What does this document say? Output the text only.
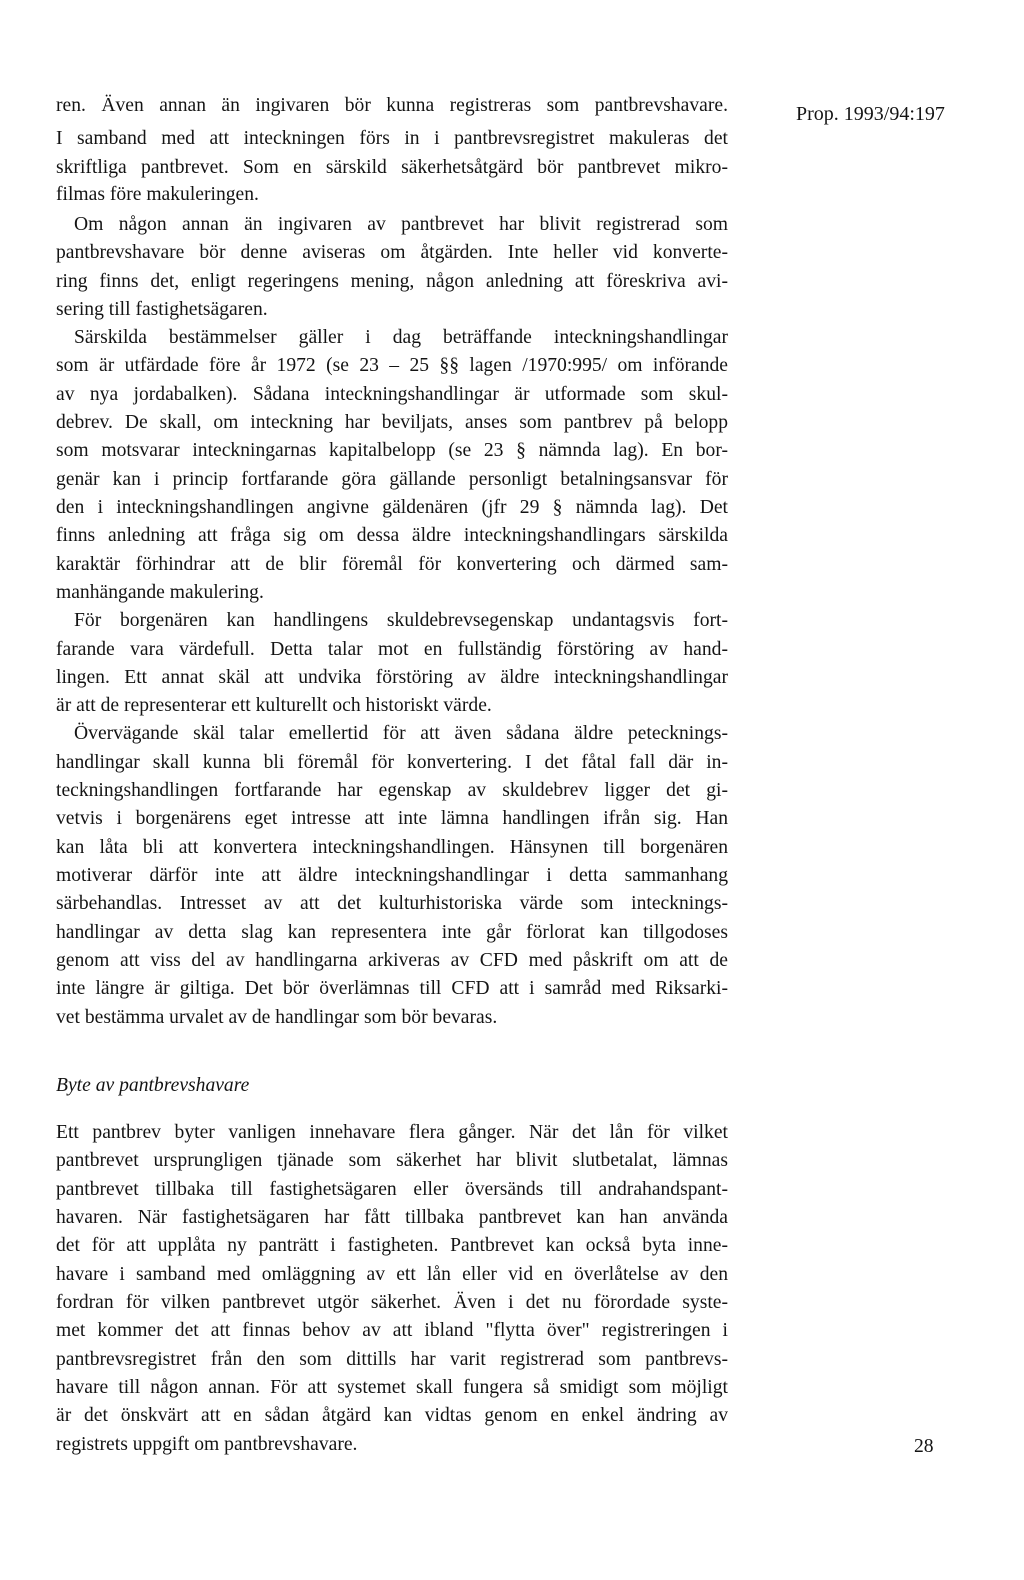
Prop. 1993/94:197
ren. Även annan än ingivaren bör kunna registreras som pantbrevshavare.
I samband med att inteckningen förs in i pantbrevsregistret makuleras det
skriftliga pantbrevet. Som en särskild säkerhetsåtgärd bör pantbrevet mikro-
filmas före makuleringen.
Om någon annan än ingivaren av pantbrevet har blivit registrerad som
pantbrevshavare bör denne aviseras om åtgärden. Inte heller vid konverte-
ring finns det, enligt regeringens mening, någon anledning att föreskriva avi-
sering till fastighetsägaren.
Särskilda bestämmelser gäller i dag beträffande inteckningshandlingar
som är utfärdade före år 1972 (se 23 – 25 §§ lagen /1970:995/ om införande
av nya jordabalken). Sådana inteckningshandlingar är utformade som skul-
debrev. De skall, om inteckning har beviljats, anses som pantbrev på belopp
som motsvarar inteckningarnas kapitalbelopp (se 23 § nämnda lag). En bor-
genär kan i princip fortfarande göra gällande personligt betalningsansvar för
den i inteckningshandlingen angivne gäldenären (jfr 29 § nämnda lag). Det
finns anledning att fråga sig om dessa äldre inteckningshandlingars särskilda
karaktär förhindrar att de blir föremål för konvertering och därmed sam-
manhängande makulering.
För borgenären kan handlingens skuldebrevsegenskap undantagsvis fort-
farande vara värdefull. Detta talar mot en fullständig förstöring av hand-
lingen. Ett annat skäl att undvika förstöring av äldre inteckningshandlingar
är att de representerar ett kulturellt och historiskt värde.
Övervägande skäl talar emellertid för att även sådana äldre petecknings-
handlingar skall kunna bli föremål för konvertering. I det fåtal fall där in-
teckningshandlingen fortfarande har egenskap av skuldebrev ligger det gi-
vetvis i borgenärens eget intresse att inte lämna handlingen ifrån sig. Han
kan låta bli att konvertera inteckningshandlingen. Hänsynen till borgenären
motiverar därför inte att äldre inteckningshandlingar i detta sammanhang
särbehandlas. Intresset av att det kulturhistoriska värde som intecknings-
handlingar av detta slag kan representera inte går förlorat kan tillgodoses
genom att viss del av handlingarna arkiveras av CFD med påskrift om att de
inte längre är giltiga. Det bör överlämnas till CFD att i samråd med Riksarki-
vet bestämma urvalet av de handlingar som bör bevaras.
Byte av pantbrevshavare
Ett pantbrev byter vanligen innehavare flera gånger. När det lån för vilket
pantbrevet ursprungligen tjänade som säkerhet har blivit slutbetalat, lämnas
pantbrevet tillbaka till fastighetsägaren eller översänds till andrahandspant-
havaren. När fastighetsägaren har fått tillbaka pantbrevet kan han använda
det för att upplåta ny panträtt i fastigheten. Pantbrevet kan också byta inne-
havare i samband med omläggning av ett lån eller vid en överlåtelse av den
fordran för vilken pantbrevet utgör säkerhet. Även i det nu förordade syste-
met kommer det att finnas behov av att ibland "flytta över" registreringen i
pantbrevsregistret från den som dittills har varit registrerad som pantbrevs-
havare till någon annan. För att systemet skall fungera så smidigt som möjligt
är det önskvärt att en sådan åtgärd kan vidtas genom en enkel ändring av
registrets uppgift om pantbrevshavare.	28
